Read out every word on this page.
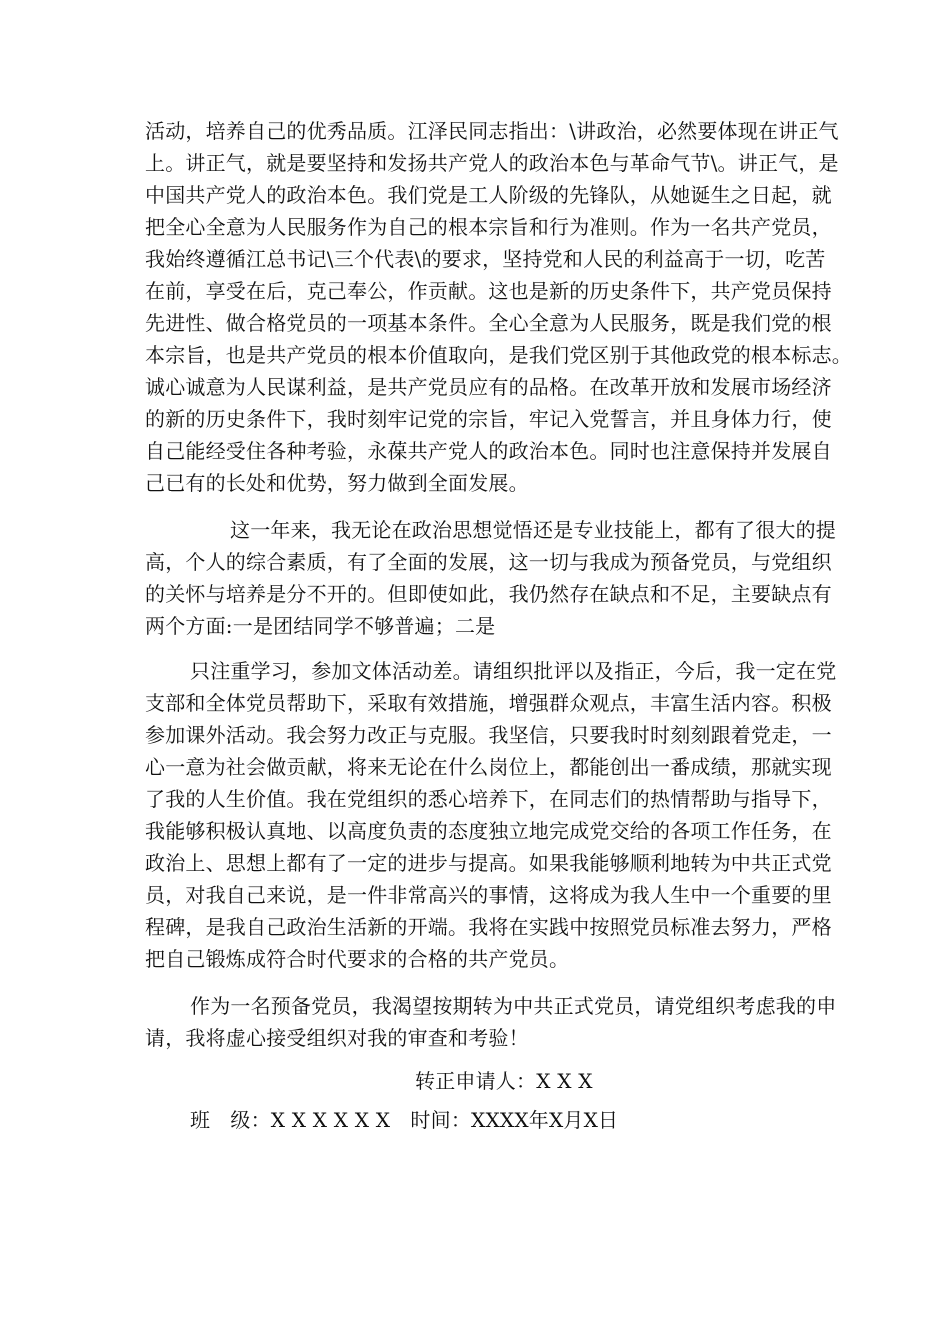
活动，培养自己的优秀品质。江泽民同志指出：\讲政治，必然要体现在讲正气
上。讲正气，就是要坚持和发扬共产党人的政治本色与革命气节\。讲正气，是
中国共产党人的政治本色。我们党是工人阶级的先锋队，从她诞生之日起，就
把全心全意为人民服务作为自己的根本宗旨和行为准则。作为一名共产党员，
我始终遵循江总书记\三个代表\的要求，坚持党和人民的利益高于一切，吃苦
在前，享受在后，克己奉公，作贡献。这也是新的历史条件下，共产党员保持
先进性、做合格党员的一项基本条件。全心全意为人民服务，既是我们党的根
本宗旨，也是共产党员的根本价值取向，是我们党区别于其他政党的根本标志。
诚心诚意为人民谋利益，是共产党员应有的品格。在改革开放和发展市场经济
的新的历史条件下，我时刻牢记党的宗旨，牢记入党誓言，并且身体力行，使
自己能经受住各种考验，永葆共产党人的政治本色。同时也注意保持并发展自
己已有的长处和优势，努力做到全面发展。
这一年来，我无论在政治思想觉悟还是专业技能上，都有了很大的提
高，个人的综合素质，有了全面的发展，这一切与我成为预备党员，与党组织
的关怀与培养是分不开的。但即使如此，我仍然存在缺点和不足，主要缺点有
两个方面:一是团结同学不够普遍；二是
只注重学习，参加文体活动差。请组织批评以及指正，今后，我一定在党
支部和全体党员帮助下，采取有效措施，增强群众观点，丰富生活内容。积极
参加课外活动。我会努力改正与克服。我坚信，只要我时时刻刻跟着党走，一
心一意为社会做贡献，将来无论在什么岗位上，都能创出一番成绩，那就实现
了我的人生价值。我在党组织的悉心培养下，在同志们的热情帮助与指导下，
我能够积极认真地、以高度负责的态度独立地完成党交给的各项工作任务，在
政治上、思想上都有了一定的进步与提高。如果我能够顺利地转为中共正式党
员，对我自己来说，是一件非常高兴的事情，这将成为我人生中一个重要的里
程碑，是我自己政治生活新的开端。我将在实践中按照党员标准去努力，严格
把自己锻炼成符合时代要求的合格的共产党员。
作为一名预备党员，我渴望按期转为中共正式党员，请党组织考虑我的申
请，我将虚心接受组织对我的审查和考验！
转正申请人：X X X
班　级：X X X X X X　时间：XXXX年X月X日
